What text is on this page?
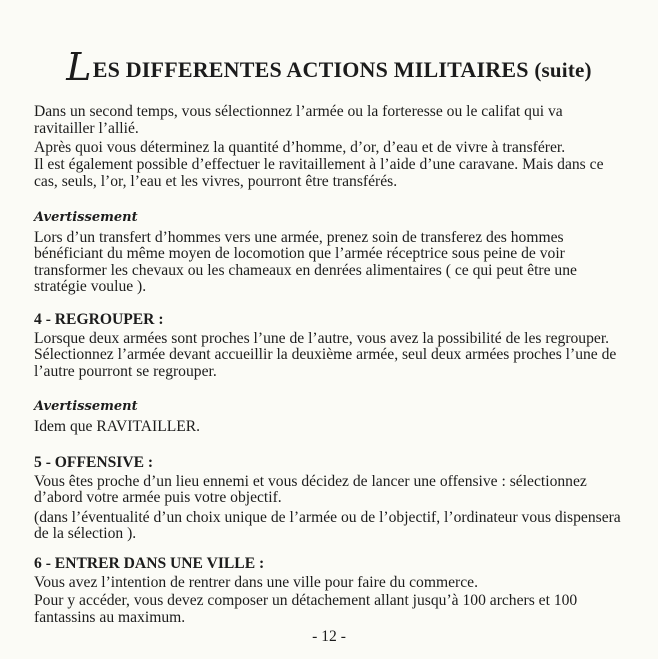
LES DIFFERENTES ACTIONS MILITAIRES (suite)

Dans un second temps, vous sélectionnez l’armée ou la forteresse ou le califat qui va ravitailler l’allié.

Après quoi vous déterminez la quantité d’homme, d’or, d’eau et de vivre à transférer.

Il est également possible d’effectuer le ravitaillement à l’aide d’une caravane. Mais dans ce cas, seuls, l’or, l’eau et les vivres, pourront être transférés.

Avertissement

Lors d’un transfert d’hommes vers une armée, prenez soin de transferez des hommes bénéficiant du même moyen de locomotion que l’armée réceptrice sous peine de voir transformer les chevaux ou les chameaux en denrées alimentaires ( ce qui peut être une stratégie voulue ).

4 - REGROUPER :

Lorsque deux armées sont proches l’une de l’autre, vous avez la possibilité de les regrouper. Sélectionnez l’armée devant accueillir la deuxième armée, seul deux armées proches l’une de l’autre pourront se regrouper.

Avertissement

Idem que RAVITAILLER.

5 - OFFENSIVE :

Vous êtes proche d’un lieu ennemi et vous décidez de lancer une offensive : sélectionnez d’abord votre armée puis votre objectif.

(dans l’éventualité d’un choix unique de l’armée ou de l’objectif, l’ordinateur vous dispensera de la sélection ).

6 - ENTRER DANS UNE VILLE :

Vous avez l’intention de rentrer dans une ville pour faire du commerce.

Pour y accéder, vous devez composer un détachement allant jusqu’à 100 archers et 100 fantassins au maximum.

- 12 -
